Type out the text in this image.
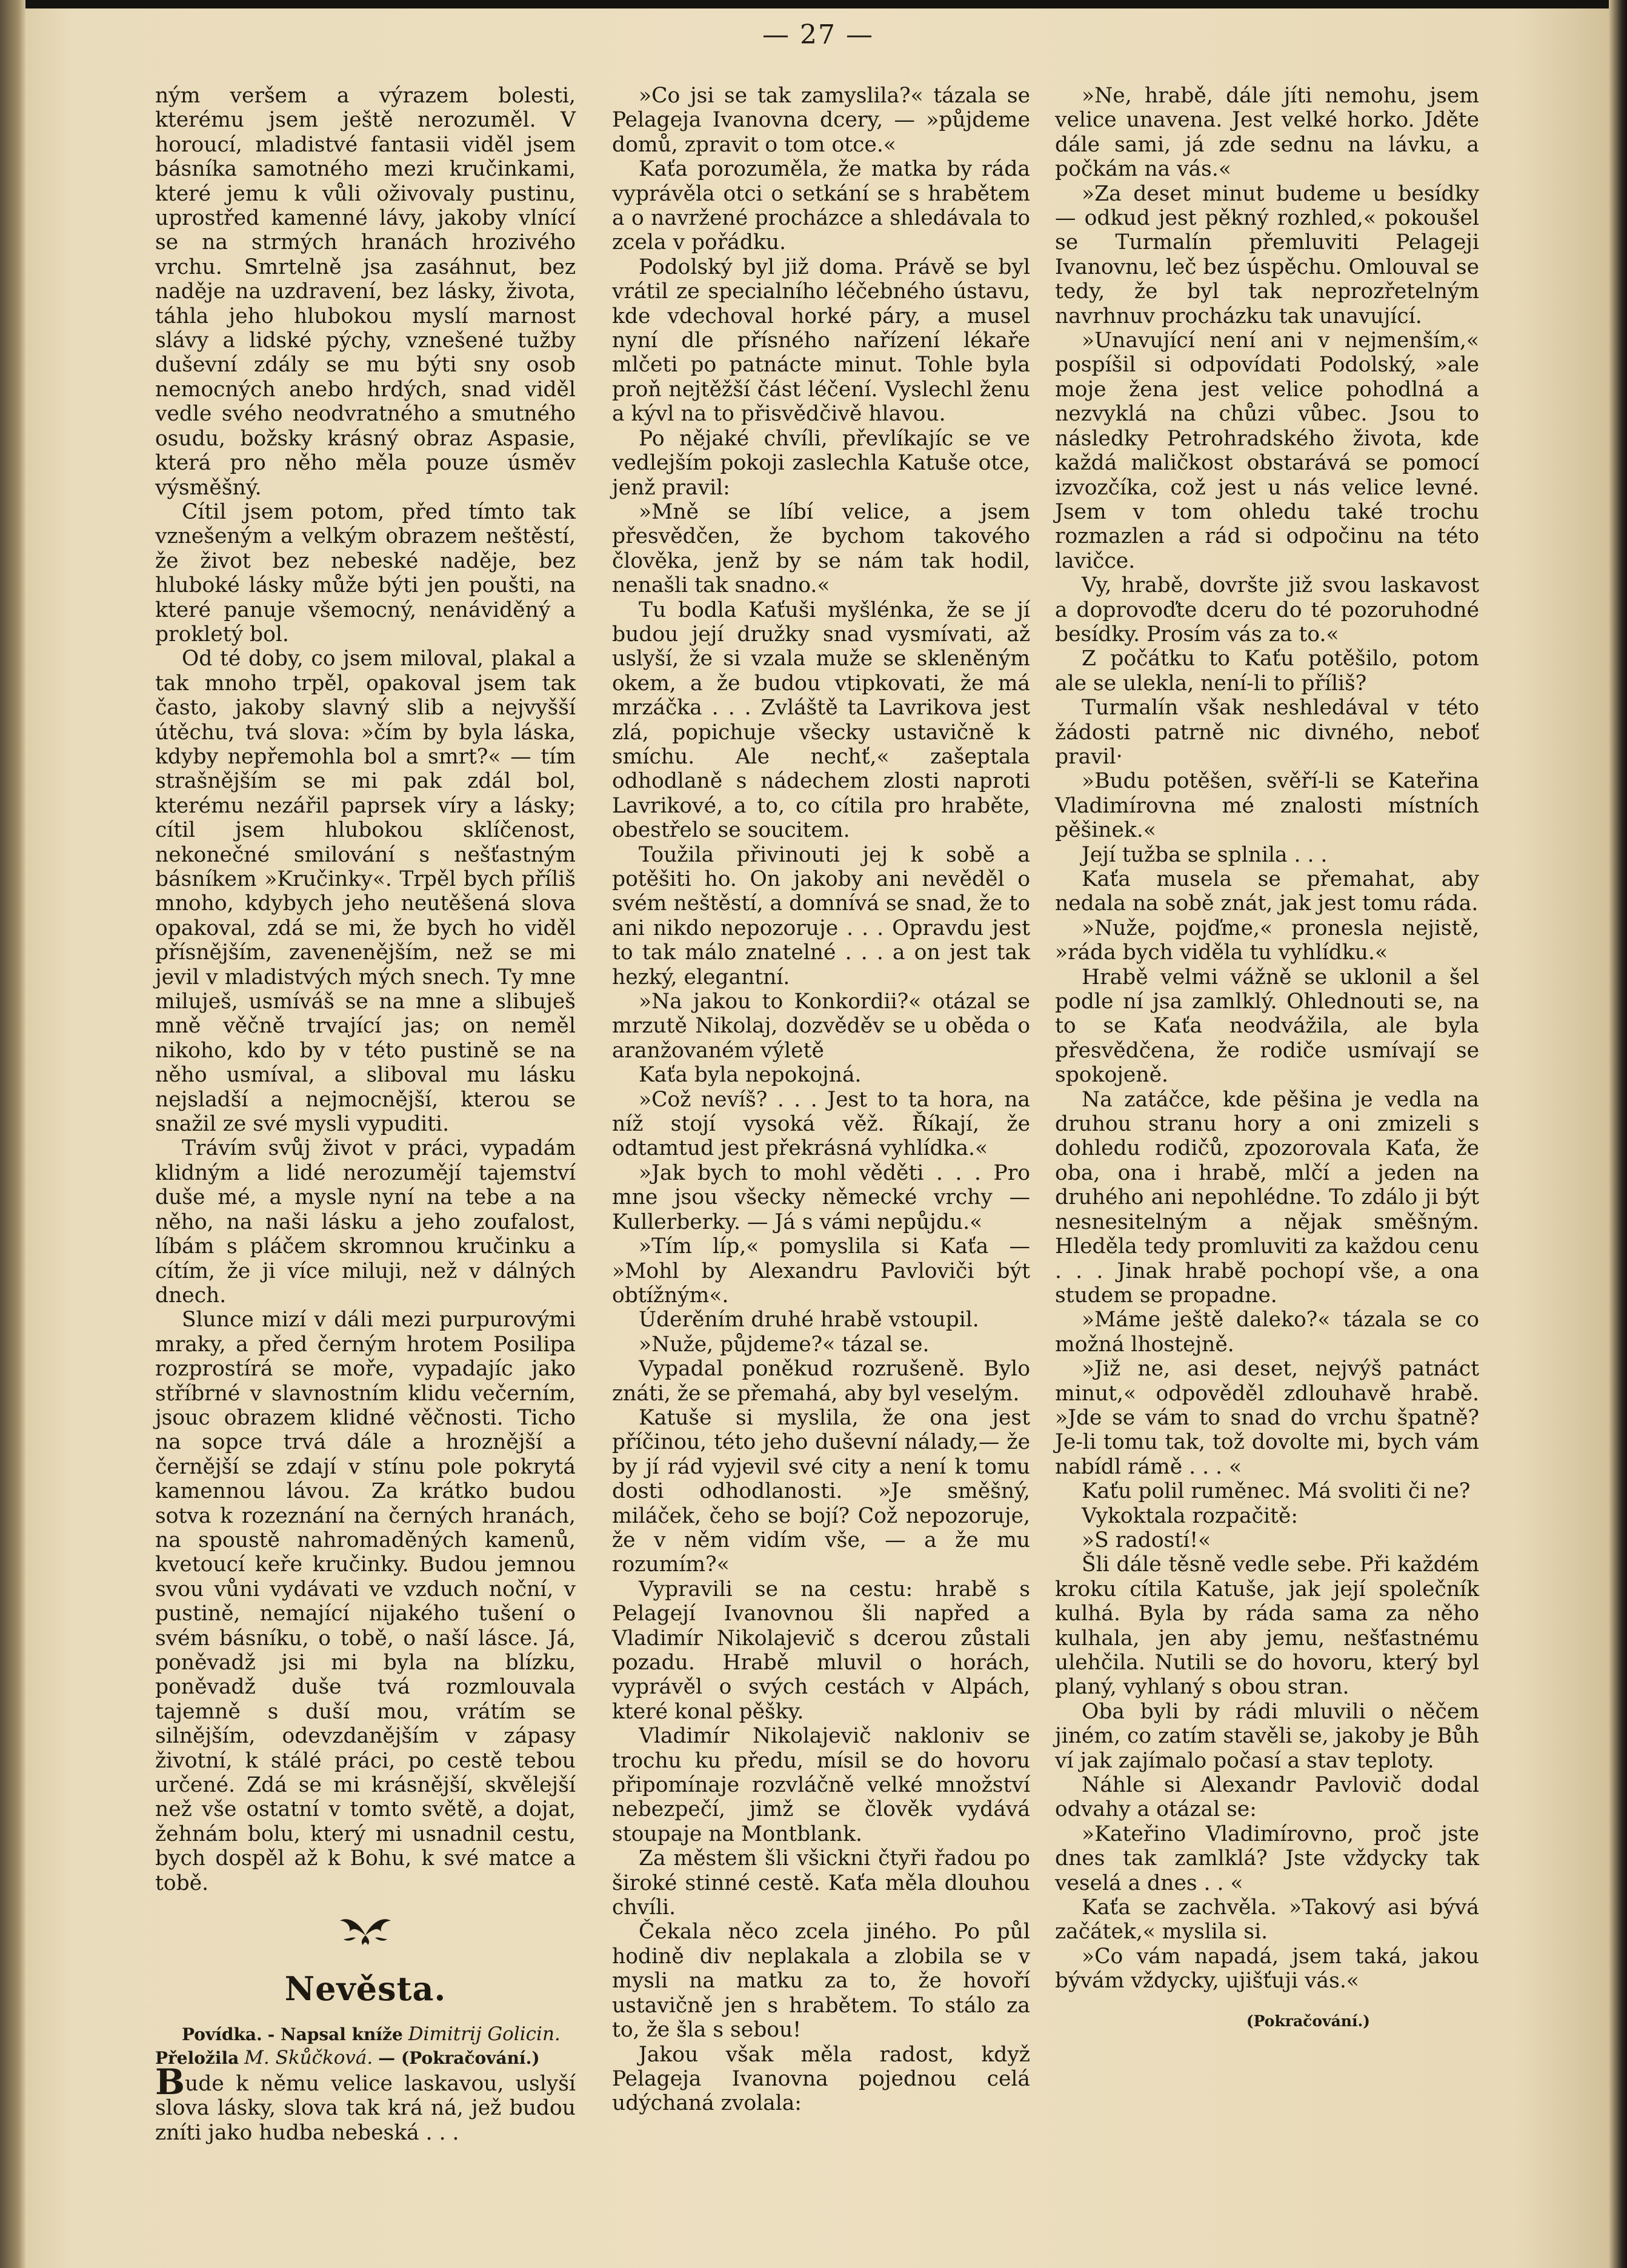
— 27 —

ným veršem a výrazem bolesti, kterému jsem ještě nerozuměl. V horoucí, mladistvé fantasii viděl jsem básníka samotného mezi kručinkami, které jemu k vůli oživovaly pustinu, uprostřed kamenné lávy, jakoby vlnící se na strmých hranách hrozivého vrchu. Smrtelně jsa zasáhnut, bez naděje na uzdravení, bez lásky, života, táhla jeho hlubokou myslí marnost slávy a lidské pýchy, vznešené tužby duševní zdály se mu býti sny osob nemocných anebo hrdých, snad viděl vedle svého neodvratného a smutného osudu, božsky krásný obraz Aspasie, která pro něho měla pouze úsměv výsměšný.

Cítil jsem potom, před tímto tak vznešeným a velkým obrazem neštěstí, že život bez nebeské naděje, bez hluboké lásky může býti jen poušti, na které panuje všemocný, nenáviděný a prokletý bol.

Od té doby, co jsem miloval, plakal a tak mnoho trpěl, opakoval jsem tak často, jakoby slavný slib a nejvyšší útěchu, tvá slova: »čím by byla láska, kdyby nepřemohla bol a smrt?« — tím strašnějším se mi pak zdál bol, kterému nezářil paprsek víry a lásky; cítil jsem hlubokou sklíčenost, nekonečné smilování s nešťastným básníkem »Kručinky«. Trpěl bych příliš mnoho, kdybych jeho neutěšená slova opakoval, zdá se mi, že bych ho viděl přísnějším, zavenenějším, než se mi jevil v mladistvých mých snech. Ty mne miluješ, usmíváš se na mne a slibuješ mně věčně trvající jas; on neměl nikoho, kdo by v této pustině se na něho usmíval, a sliboval mu lásku nejsladší a nejmocnější, kterou se snažil ze své mysli vypuditi.

Trávím svůj život v práci, vypadám klidným a lidé nerozumějí tajemství duše mé, a mysle nyní na tebe a na něho, na naši lásku a jeho zoufalost, líbám s pláčem skromnou kručinku a cítím, že ji více miluji, než v dálných dnech.

Slunce mizí v dáli mezi purpurovými mraky, a před černým hrotem Posilipa rozprostírá se moře, vypadajíc jako stříbrné v slavnostním klidu večerním, jsouc obrazem klidné věčnosti. Ticho na sopce trvá dále a hroznější a černější se zdají v stínu pole pokrytá kamennou lávou. Za krátko budou sotva k rozeznání na černých hranách, na spoustě nahromaděných kamenů, kvetoucí keře kručinky. Budou jemnou svou vůni vydávati ve vzduch noční, v pustině, nemající nijakého tušení o svém básníku, o tobě, o naší lásce. Já, poněvadž jsi mi byla na blízku, poněvadž duše tvá rozmlouvala tajemně s duší mou, vrátím se silnějším, odevzdanějším v zápasy životní, k stálé práci, po cestě tebou určené. Zdá se mi krásnější, skvělejší než vše ostatní v tomto světě, a dojat, žehnám bolu, který mi usnadnil cestu, bych dospěl až k Bohu, k své matce a tobě.

Nevěsta.

Povídka. - Napsal kníže Dimitrij Golicin.
Přeložila M. Skůčková. — (Pokračování.)

Bude k němu velice laskavou, uslyší slova lásky, slova tak krá ná, jež budou zníti jako hudba nebeská . . .

»Co jsi se tak zamyslila?« tázala se Pelageja Ivanovna dcery, — »půjdeme domů, zpravit o tom otce.«

Kaťa porozuměla, že matka by ráda vyprávěla otci o setkání se s hrabětem a o navržené procházce a shledávala to zcela v pořádku.

Podolský byl již doma. Právě se byl vrátil ze specialního léčebného ústavu, kde vdechoval horké páry, a musel nyní dle přísného nařízení lékaře mlčeti po patnácte minut. Tohle byla proň nejtěžší část léčení. Vyslechl ženu a kývl na to přisvědčivě hlavou.

Po nějaké chvíli, převlíkajíc se ve vedlejším pokoji zaslechla Katuše otce, jenž pravil:

»Mně se líbí velice, a jsem přesvědčen, že bychom takového člověka, jenž by se nám tak hodil, nenašli tak snadno.«

Tu bodla Kaťuši myšlénka, že se jí budou její družky snad vysmívati, až uslyší, že si vzala muže se skleněným okem, a že budou vtipkovati, že má mrzáčka . . . Zvláště ta Lavrikova jest zlá, popichuje všecky ustavičně k smíchu. Ale nechť,« zašeptala odhodlaně s nádechem zlosti naproti Lavrikové, a to, co cítila pro hraběte, obestřelo se soucitem.

Toužila přivinouti jej k sobě a potěšiti ho. On jakoby ani nevěděl o svém neštěstí, a domnívá se snad, že to ani nikdo nepozoruje . . . Opravdu jest to tak málo znatelné . . . a on jest tak hezký, elegantní.

»Na jakou to Konkordii?« otázal se mrzutě Nikolaj, dozvěděv se u oběda o aranžovaném výletě

Kaťa byla nepokojná.

»Což nevíš? . . . Jest to ta hora, na níž stojí vysoká věž. Říkají, že odtamtud jest překrásná vyhlídka.«

»Jak bych to mohl věděti . . . Pro mne jsou všecky německé vrchy — Kullerberky. — Já s vámi nepůjdu.«

»Tím líp,« pomyslila si Kaťa — »Mohl by Alexandru Pavloviči být obtížným«.

Úderěním druhé hrabě vstoupil.

»Nuže, půjdeme?« tázal se.

Vypadal poněkud rozrušeně. Bylo znáti, že se přemahá, aby byl veselým.

Katuše si myslila, že ona jest příčinou, této jeho duševní nálady,— že by jí rád vyjevil své city a není k tomu dosti odhodlanosti. »Je směšný, miláček, čeho se bojí? Což nepozoruje, že v něm vidím vše, — a že mu rozumím?«

Vypravili se na cestu: hrabě s Pelagejí Ivanovnou šli napřed a Vladimír Nikolajevič s dcerou zůstali pozadu. Hrabě mluvil o horách, vyprávěl o svých cestách v Alpách, které konal pěšky.

Vladimír Nikolajevič nakloniv se trochu ku předu, mísil se do hovoru připomínaje rozvláčně velké množství nebezpečí, jimž se člověk vydává stoupaje na Montblank.

Za městem šli všickni čtyři řadou po široké stinné cestě. Kaťa měla dlouhou chvíli.

Čekala něco zcela jiného. Po půl hodině div neplakala a zlobila se v mysli na matku za to, že hovoří ustavičně jen s hrabětem. To stálo za to, že šla s sebou!

Jakou však měla radost, když Pelageja Ivanovna pojednou celá udýchaná zvolala:

»Ne, hrabě, dále jíti nemohu, jsem velice unavena. Jest velké horko. Jděte dále sami, já zde sednu na lávku, a počkám na vás.«

»Za deset minut budeme u besídky — odkud jest pěkný rozhled,« pokoušel se Turmalín přemluviti Pelageji Ivanovnu, leč bez úspěchu. Omlouval se tedy, že byl tak neprozřetelným navrhnuv procházku tak unavující.

»Unavující není ani v nejmenším,« pospíšil si odpovídati Podolský, »ale moje žena jest velice pohodlná a nezvyklá na chůzi vůbec. Jsou to následky Petrohradského života, kde každá maličkost obstarává se pomocí izvozčíka, což jest u nás velice levné. Jsem v tom ohledu také trochu rozmazlen a rád si odpočinu na této lavičce.

Vy, hrabě, dovršte již svou laskavost a doprovoďte dceru do té pozoruhodné besídky. Prosím vás za to.«

Z počátku to Kaťu potěšilo, potom ale se ulekla, není-li to příliš?

Turmalín však neshledával v této žádosti patrně nic divného, neboť pravil·

»Budu potěšen, svěří-li se Kateřina Vladimírovna mé znalosti místních pěšinek.«

Její tužba se splnila . . .

Kaťa musela se přemahat, aby nedala na sobě znát, jak jest tomu ráda.

»Nuže, pojďme,« pronesla nejistě, »ráda bych viděla tu vyhlídku.«

Hrabě velmi vážně se uklonil a šel podle ní jsa zamlklý. Ohlednouti se, na to se Kaťa neodvážila, ale byla přesvědčena, že rodiče usmívají se spokojeně.

Na zatáčce, kde pěšina je vedla na druhou stranu hory a oni zmizeli s dohledu rodičů, zpozorovala Kaťa, že oba, ona i hrabě, mlčí a jeden na druhého ani nepohlédne. To zdálo ji být nesnesitelným a nějak směšným. Hleděla tedy promluviti za každou cenu . . . Jinak hrabě pochopí vše, a ona studem se propadne.

»Máme ještě daleko?« tázala se co možná lhostejně.

»Již ne, asi deset, nejvýš patnáct minut,« odpověděl zdlouhavě hrabě. »Jde se vám to snad do vrchu špatně? Je-li tomu tak, tož dovolte mi, bych vám nabídl rámě . . . «

Kaťu polil ruměnec. Má svoliti či ne?

Vykoktala rozpačitě:

»S radostí!«

Šli dále těsně vedle sebe. Při každém kroku cítila Katuše, jak její společník kulhá. Byla by ráda sama za něho kulhala, jen aby jemu, nešťastnému ulehčila. Nutili se do hovoru, který byl planý, vyhlaný s obou stran.

Oba byli by rádi mluvili o něčem jiném, co zatím stavěli se, jakoby je Bůh ví jak zajímalo počasí a stav teploty.

Náhle si Alexandr Pavlovič dodal odvahy a otázal se:

»Kateřino Vladimírovno, proč jste dnes tak zamlklá? Jste vždycky tak veselá a dnes . . «

Kaťa se zachvěla. »Takový asi bývá začátek,« myslila si.

»Co vám napadá, jsem taká, jakou bývám vždycky, ujišťuji vás.«

(Pokračování.)
